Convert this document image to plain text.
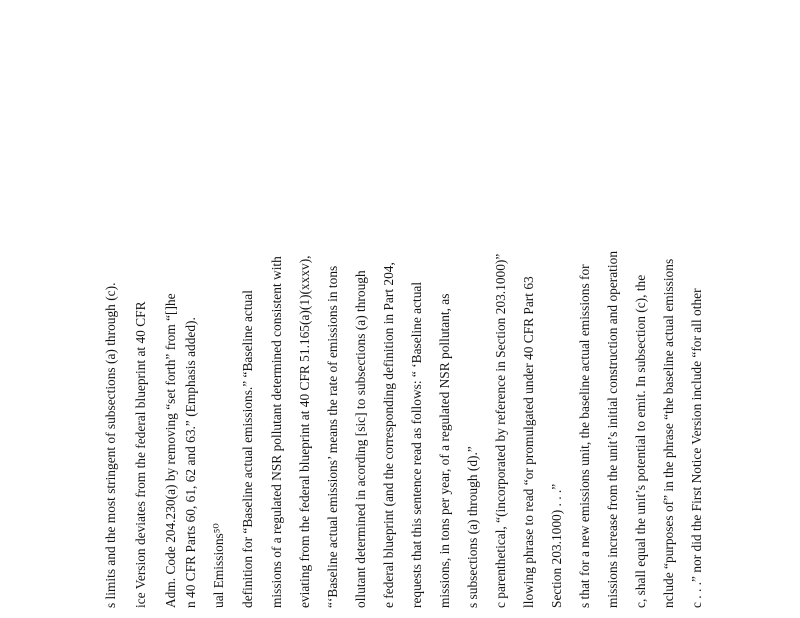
s limits and the most stringent of subsections (a) through (c). ice Version deviates from the federal blueprint at 40 CFR Adm. Code 204.230(a) by removing “set forth” from “[]he n 40 CFR Parts 60, 61, 62 and 63.” (Emphasis added). ual Emissions⁵⁰ definition for “Baseline actual emissions.” “Baseline actual missions of a regulated NSR pollutant determined consistent with eviating from the federal blueprint at 40 CFR 51.165(a)(1)(xxxv), “‘Baseline actual emissions’ means the rate of emissions in tons ollutant determined in acording [sic] to subsections (a) through e federal blueprint (and the corresponding definition in Part 204, requests that this sentence read as follows: “ ‘Baseline actual missions, in tons per year, of a regulated NSR pollutant, as s subsections (a) through (d).” c parenthetical, “(incorporated by reference in Section 203.1000)” llowing phrase to read “or promulgated under 40 CFR Part 63 Section 203.1000) . . .” s that for a new emissions unit, the baseline actual emissions for missions increase from the unit’s initial construction and operation c, shall equal the unit’s potential to emit. In subsection (c), the nclude “purposes of” in the phrase “the baseline actual emissions c . . .” nor did the First Notice Version include “for all other
